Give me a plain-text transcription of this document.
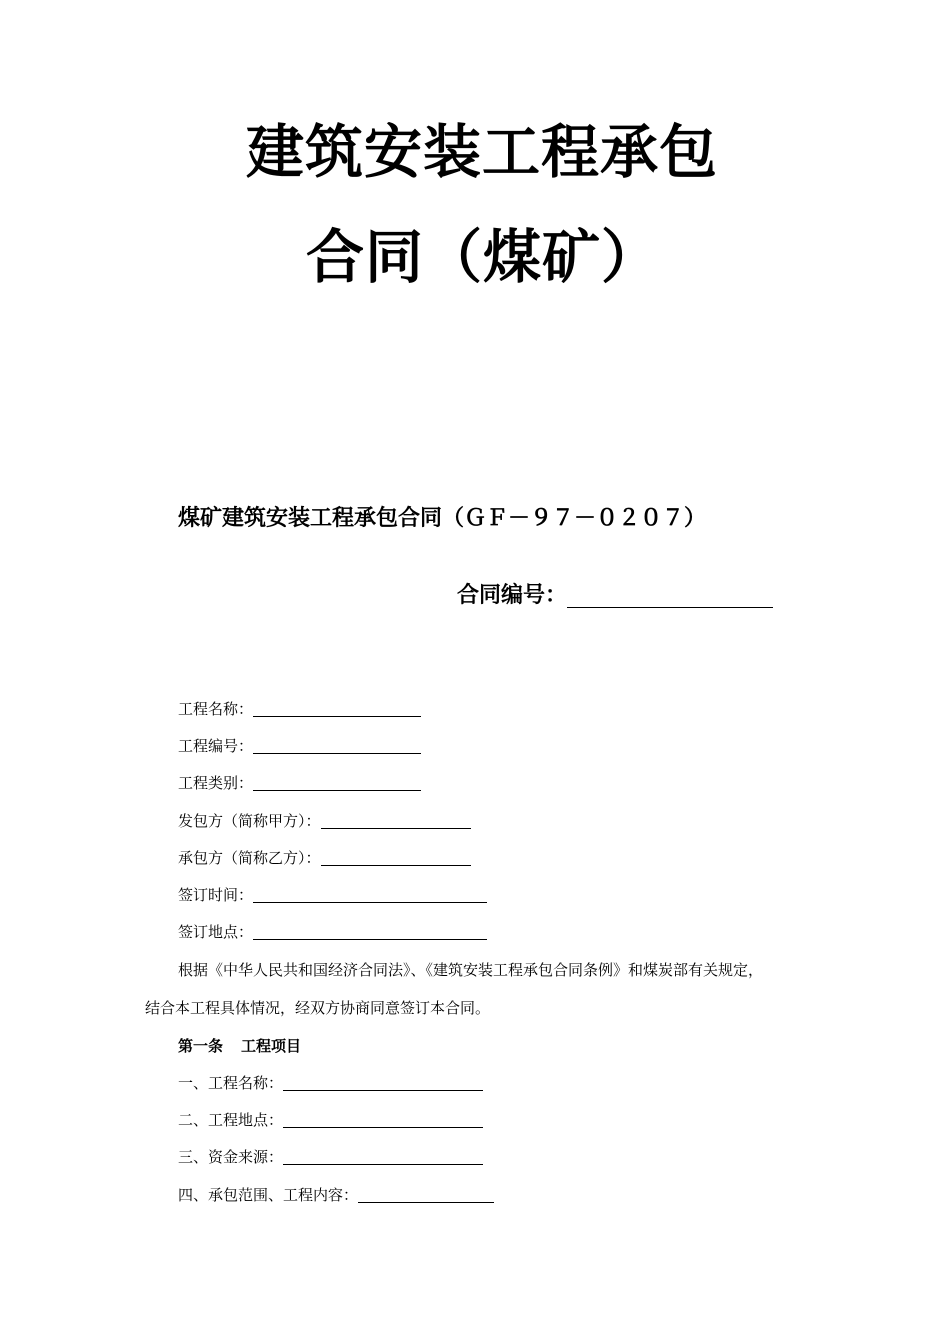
建筑安装工程承包
合同（煤矿）
煤矿建筑安装工程承包合同（ＧＦ－９７－０２０７）
合同编号：
工程名称：
工程编号：
工程类别：
发包方（简称甲方）：
承包方（简称乙方）：
签订时间：
签订地点：
根据《中华人民共和国经济合同法》、《建筑安装工程承包合同条例》和煤炭部有关规定，
结合本工程具体情况，经双方协商同意签订本合同。
第一条 工程项目
一、工程名称：
二、工程地点：
三、资金来源：
四、承包范围、工程内容：
